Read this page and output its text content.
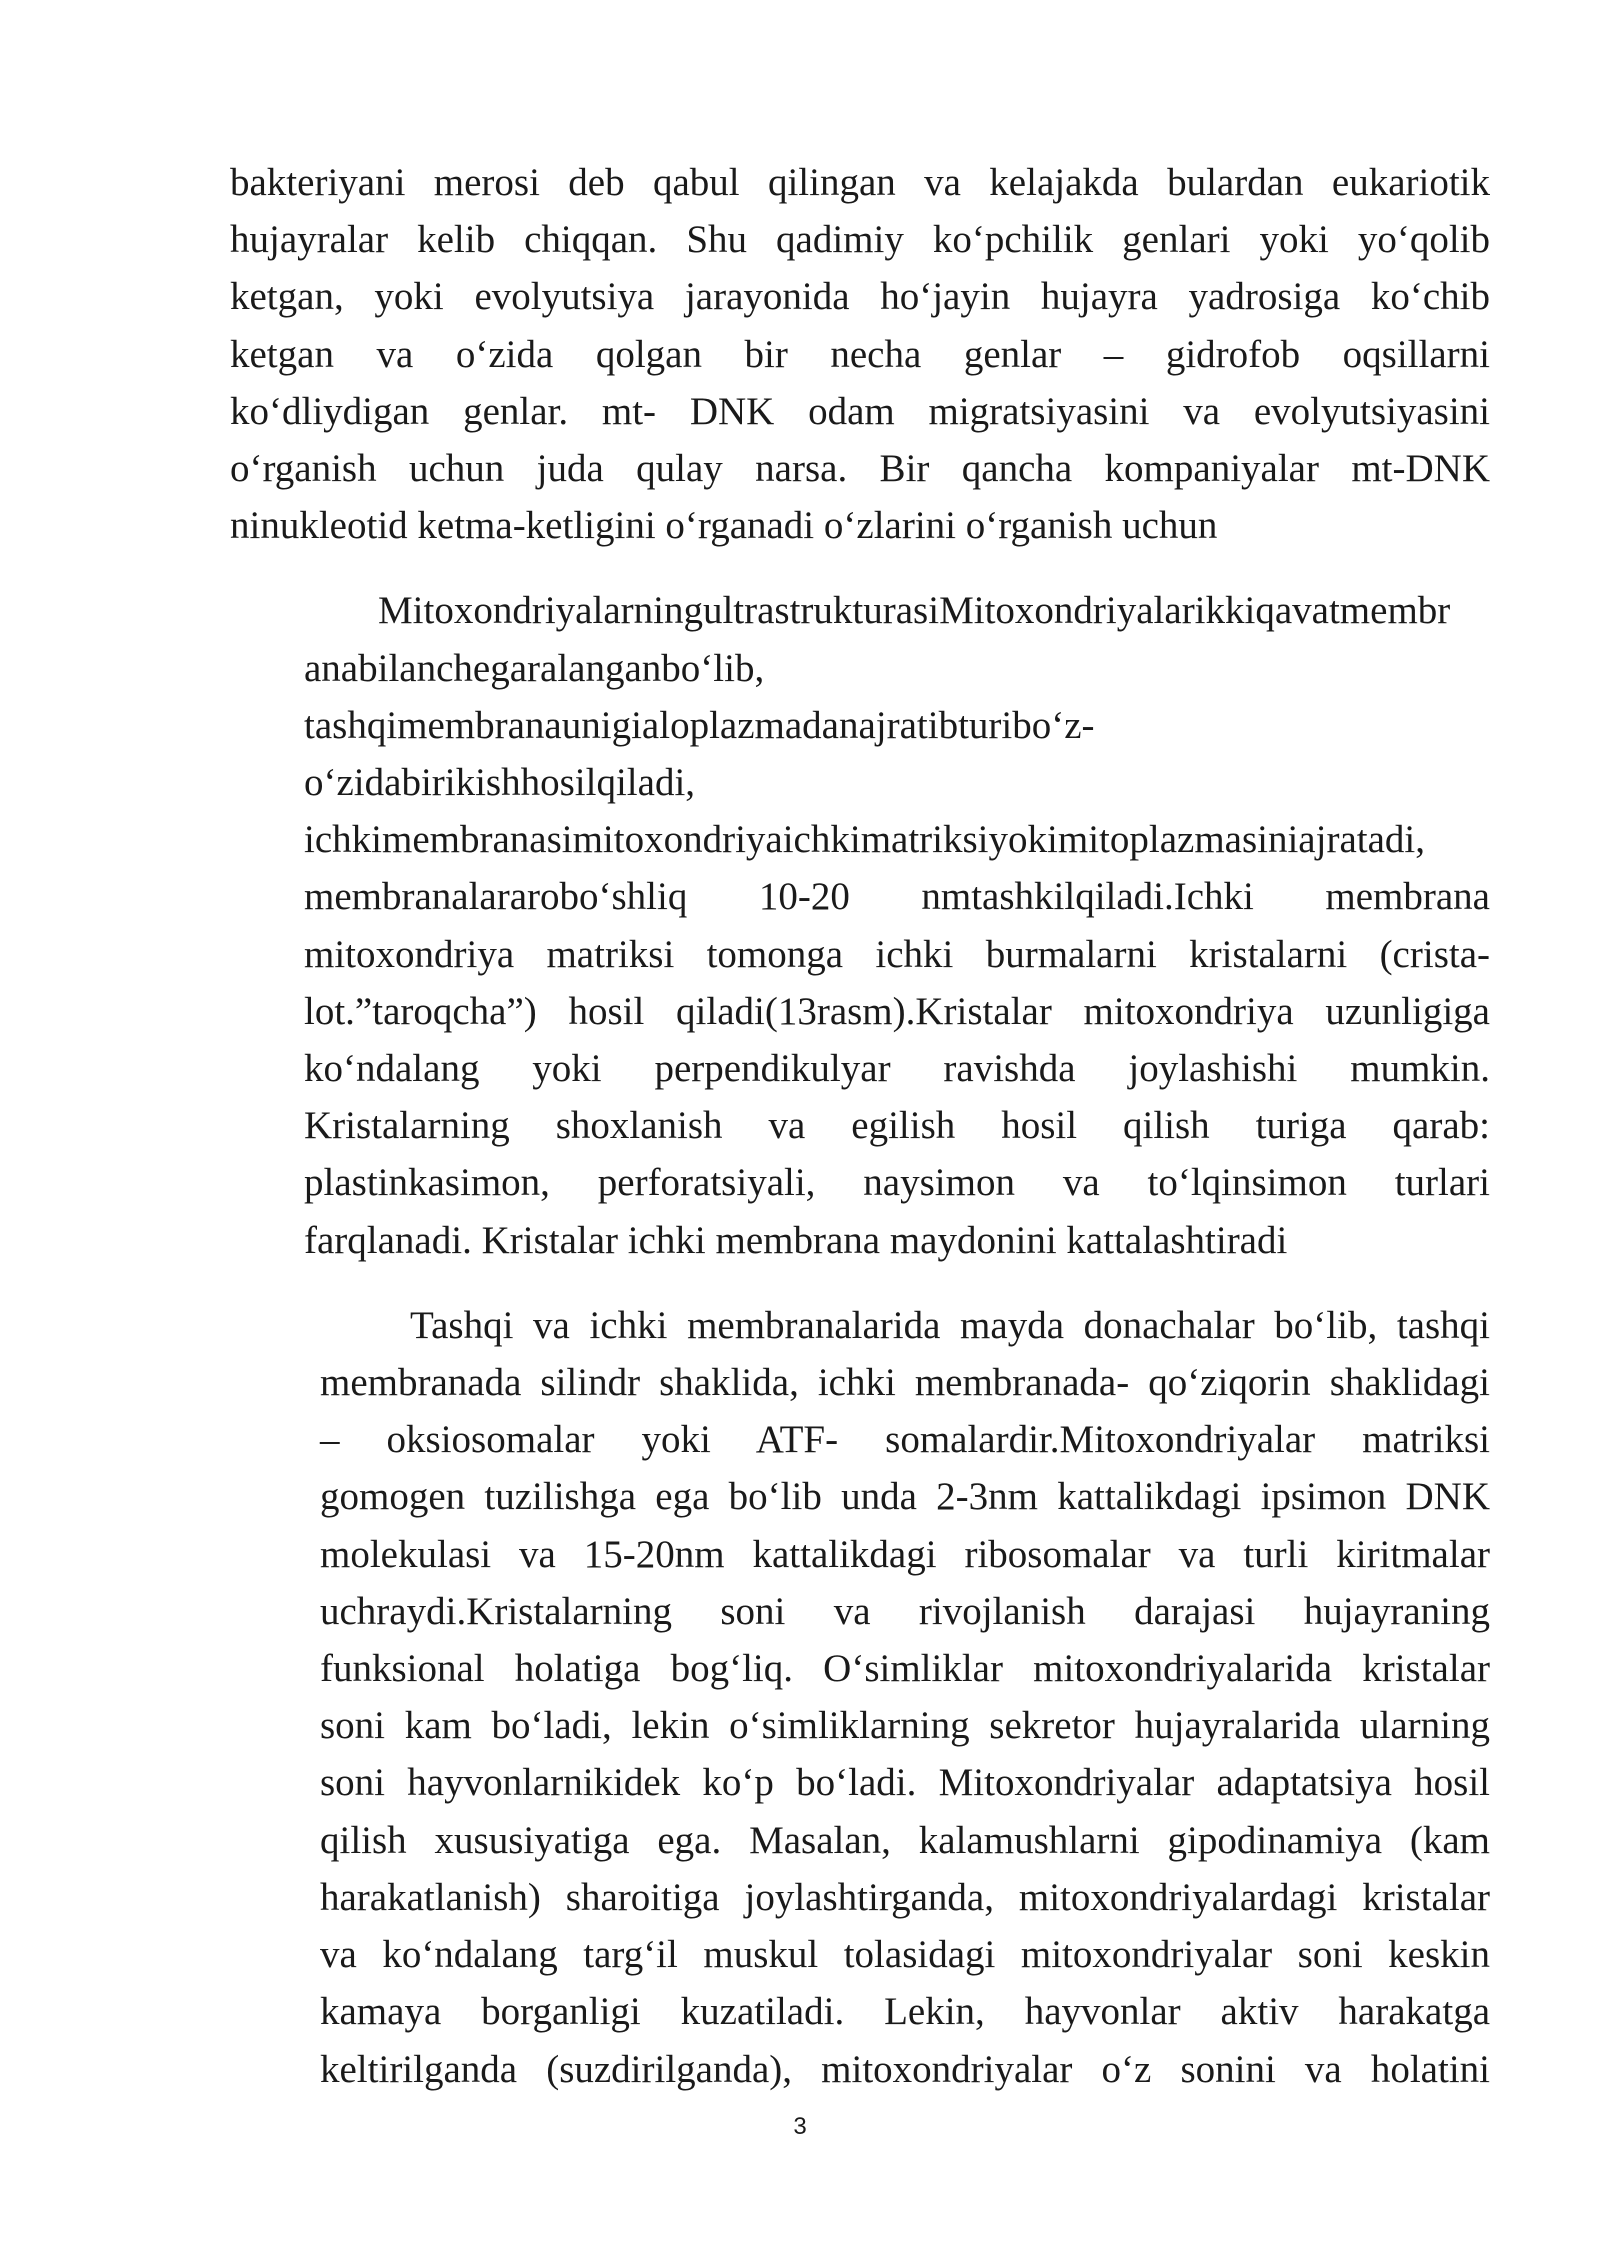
bakteriyani merosi deb qabul qilingan va kelajakda bulardan eukariotik
hujayralar kelib chiqqan. Shu qadimiy ko‘pchilik genlari yoki yo‘qolib
ketgan, yoki evolyutsiya jarayonida ho‘jayin hujayra yadrosiga ko‘chib
ketgan va o‘zida qolgan bir necha genlar – gidrofob oqsillarni
ko‘dliydigan genlar. mt- DNK odam migratsiyasini va evolyutsiyasini
o‘rganish uchun juda qulay narsa. Bir qancha kompaniyalar mt-DNK
ninukleotid ketma-ketligini o‘rganadi o‘zlarini o‘rganish uchun

MitoxondriyalarningultrastrukturasiMitoxondriyalarikkiqavatmembr
anabilanchegaralanganbo‘lib,
tashqimembranaunigialoplazmadanajratibturibo‘z-
o‘zidabirikishhosilqiladi,
ichkimembranasimitoxondriyaichkimatriksiyokimitoplazmasiniajratadi,
membranalararobo‘shliq 10-20 nmtashkilqiladi.Ichki membrana
mitoxondriya matriksi tomonga ichki burmalarni kristalarni (crista-
lot.”taroqcha”) hosil qiladi(13rasm).Kristalar mitoxondriya uzunligiga
ko‘ndalang yoki perpendikulyar ravishda joylashishi mumkin.
Kristalarning shoxlanish va egilish hosil qilish turiga qarab:
plastinkasimon, perforatsiyali, naysimon va to‘lqinsimon turlari
farqlanadi. Kristalar ichki membrana maydonini kattalashtiradi

Tashqi va ichki membranalarida mayda donachalar bo‘lib, tashqi
membranada silindr shaklida, ichki membranada- qo‘ziqorin shaklidagi
– oksiosomalar yoki ATF- somalardir.Mitoxondriyalar matriksi
gomogen tuzilishga ega bo‘lib unda 2-3nm kattalikdagi ipsimon DNK
molekulasi va 15-20nm kattalikdagi ribosomalar va turli kiritmalar
uchraydi.Kristalarning soni va rivojlanish darajasi hujayraning
funksional holatiga bog‘liq. O‘simliklar mitoxondriyalarida kristalar
soni kam bo‘ladi, lekin o‘simliklarning sekretor hujayralarida ularning
soni hayvonlarnikidek ko‘p bo‘ladi. Mitoxondriyalar adaptatsiya hosil
qilish xususiyatiga ega. Masalan, kalamushlarni gipodinamiya (kam
harakatlanish) sharoitiga joylashtirganda, mitoxondriyalardagi kristalar
va ko‘ndalang targ‘il muskul tolasidagi mitoxondriyalar soni keskin
kamaya borganligi kuzatiladi. Lekin, hayvonlar aktiv harakatga
keltirilganda (suzdirilganda), mitoxondriyalar o‘z sonini va holatini

3
